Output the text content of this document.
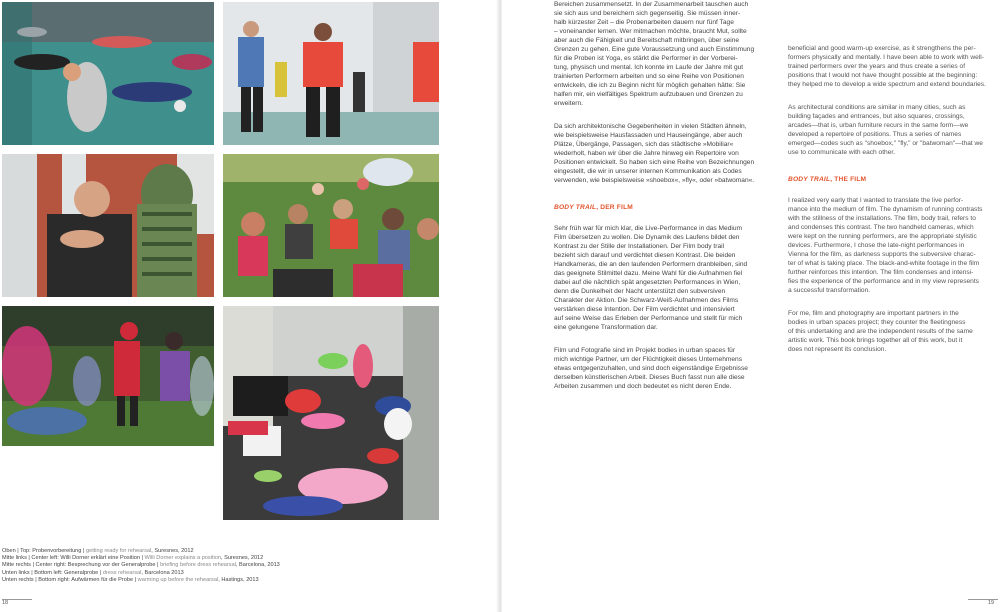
Oben | Top: Probenvorbereitung | getting ready for rehearsal, Suresnes, 2012
Mitte links | Center left: Willi Dorner erklärt eine Position | Willi Dorner explains a position, Suresnes, 2012
Mitte rechts | Center right: Besprechung vor der Generalprobe | briefing before dress rehearsal, Barcelona, 2013
Unten links | Bottom left: Generalprobe | dress rehearsal, Barcelona 2013
Unten rechts | Bottom right: Aufwärmen für die Probe | warming up before the rehearsal, Hastings, 2013
18

Bereichen zusammensetzt. In der Zusammenarbeit tauschen auch
sie sich aus und bereichern sich gegenseitig. Sie müssen inner-
halb kürzester Zeit – die Probenarbeiten dauern nur fünf Tage
– voneinander lernen. Wer mitmachen möchte, braucht Mut, sollte
aber auch die Fähigkeit und Bereitschaft mitbringen, über seine
Grenzen zu gehen. Eine gute Voraussetzung und auch Einstimmung
für die Proben ist Yoga, es stärkt die Performer in der Vorberei-
tung, physisch und mental. Ich konnte im Laufe der Jahre mit gut
trainierten Performern arbeiten und so eine Reihe von Positionen
entwickeln, die ich zu Beginn nicht für möglich gehalten hätte: Sie
halfen mir, ein vielfältiges Spektrum aufzubauen und Grenzen zu
erweitern.

Da sich architektonische Gegebenheiten in vielen Städten ähneln,
wie beispielsweise Hausfassaden und Hauseingänge, aber auch
Plätze, Übergänge, Passagen, sich das städtische »Mobiliar«
wiederholt, haben wir über die Jahre hinweg ein Repertoire von
Positionen entwickelt. So haben sich eine Reihe von Bezeichnungen
eingestellt, die wir in unserer internen Kommunikation als Codes
verwenden, wie beispielsweise »shoebox«, »fly«, oder »batwoman«.

BODY TRAIL, DER FILM

Sehr früh war für mich klar, die Live-Performance in das Medium
Film übersetzen zu wollen. Die Dynamik des Laufens bildet den
Kontrast zu der Stille der Installationen. Der Film body trail
bezieht sich darauf und verdichtet diesen Kontrast. Die beiden
Handkameras, die an den laufenden Performern dranbleiben, sind
das geeignete Stilmittel dazu. Meine Wahl für die Aufnahmen fiel
dabei auf die nächtlich spät angesetzten Performances in Wien,
denn die Dunkelheit der Nacht unterstützt den subversiven
Charakter der Aktion. Die Schwarz-Weiß-Aufnahmen des Films
verstärken diese Intention. Der Film verdichtet und intensiviert
auf seine Weise das Erleben der Performance und stellt für mich
eine gelungene Transformation dar.

Film und Fotografie sind im Projekt bodies in urban spaces für
mich wichtige Partner, um der Flüchtigkeit dieses Unternehmens
etwas entgegenzuhalten, und sind doch eigenständige Ergebnisse
derselben künstlerischen Arbeit. Dieses Buch fasst nun alle diese
Arbeiten zusammen und doch bedeutet es nicht deren Ende.

beneficial and good warm-up exercise, as it strengthens the per-
formers physically and mentally. I have been able to work with well-
trained performers over the years and thus create a series of
positions that I would not have thought possible at the beginning:
they helped me to develop a wide spectrum and extend boundaries.

As architectural conditions are similar in many cities, such as
building façades and entrances, but also squares, crossings,
arcades—that is, urban furniture recurs in the same form—we
developed a repertoire of positions. Thus a series of names
emerged—codes such as "shoebox," "fly," or "batwoman"—that we
use to communicate with each other.

BODY TRAIL, THE FILM

I realized very early that I wanted to translate the live perfor-
mance into the medium of film. The dynamism of running contrasts
with the stillness of the installations. The film, body trail, refers to
and condenses this contrast. The two handheld cameras, which
were kept on the running performers, are the appropriate stylistic
devices. Furthermore, I chose the late-night performances in
Vienna for the film, as darkness supports the subversive charac-
ter of what is taking place. The black-and-white footage in the film
further reinforces this intention. The film condenses and intensi-
fies the experience of the performance and in my view represents
a successful transformation.

For me, film and photography are important partners in the
bodies in urban spaces project; they counter the fleetingness
of this undertaking and are the independent results of the same
artistic work. This book brings together all of this work, but it
does not represent its conclusion.

19
